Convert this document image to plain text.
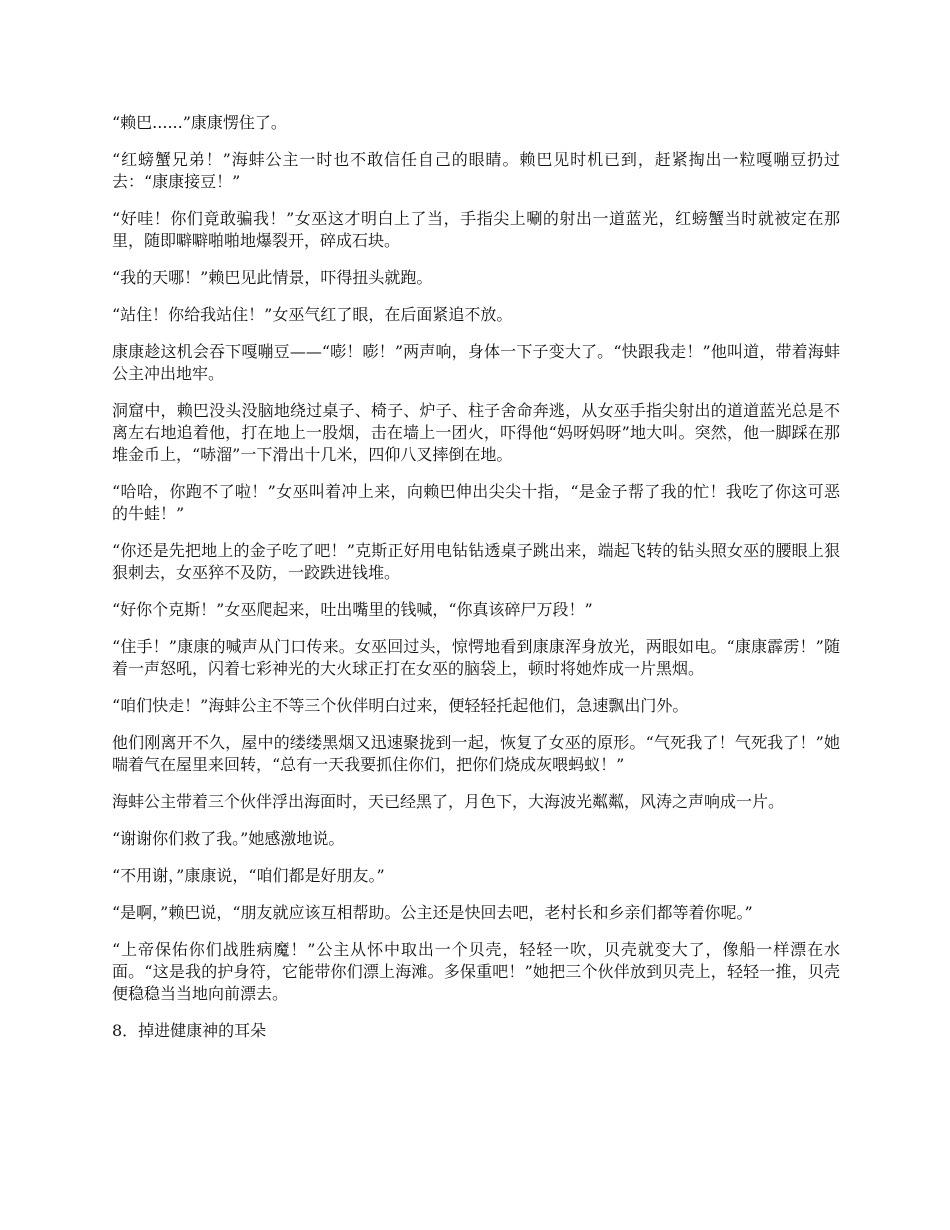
“赖巴......”康康愣住了。

“红螃蟹兄弟！”海蚌公主一时也不敢信任自己的眼睛。赖巴见时机已到，赶紧掏出一粒嘎嘣豆扔过去：“康康接豆！”

“好哇！你们竟敢骗我！”女巫这才明白上了当，手指尖上唰的射出一道蓝光，红螃蟹当时就被定在那里，随即噼噼啪啪地爆裂开，碎成石块。

“我的天哪！”赖巴见此情景，吓得扭头就跑。

“站住！你给我站住！”女巫气红了眼，在后面紧追不放。

康康趁这机会吞下嘎嘣豆——“嘭！嘭！”两声响，身体一下子变大了。“快跟我走！”他叫道，带着海蚌公主冲出地牢。

洞窟中，赖巴没头没脑地绕过桌子、椅子、炉子、柱子舍命奔逃，从女巫手指尖射出的道道蓝光总是不离左右地追着他，打在地上一股烟，击在墙上一团火，吓得他“妈呀妈呀”地大叫。突然，他一脚踩在那堆金币上，“哧溜”一下滑出十几米，四仰八叉摔倒在地。

“哈哈，你跑不了啦！”女巫叫着冲上来，向赖巴伸出尖尖十指，“是金子帮了我的忙！我吃了你这可恶的牛蛙！”

“你还是先把地上的金子吃了吧！”克斯正好用电钻钻透桌子跳出来，端起飞转的钻头照女巫的腰眼上狠狠刺去，女巫猝不及防，一跤跌进钱堆。

“好你个克斯！”女巫爬起来，吐出嘴里的钱喊，“你真该碎尸万段！”

“住手！”康康的喊声从门口传来。女巫回过头，惊愕地看到康康浑身放光，两眼如电。“康康霹雳！”随着一声怒吼，闪着七彩神光的大火球正打在女巫的脑袋上，顿时将她炸成一片黑烟。

“咱们快走！”海蚌公主不等三个伙伴明白过来，便轻轻托起他们，急速飘出门外。

他们刚离开不久，屋中的缕缕黑烟又迅速聚拢到一起，恢复了女巫的原形。“气死我了！气死我了！”她喘着气在屋里来回转，“总有一天我要抓住你们，把你们烧成灰喂蚂蚁！”

海蚌公主带着三个伙伴浮出海面时，天已经黑了，月色下，大海波光粼粼，风涛之声响成一片。

“谢谢你们救了我。”她感激地说。

“不用谢，”康康说，“咱们都是好朋友。”

“是啊，”赖巴说，“朋友就应该互相帮助。公主还是快回去吧，老村长和乡亲们都等着你呢。”

“上帝保佑你们战胜病魔！”公主从怀中取出一个贝壳，轻轻一吹，贝壳就变大了，像船一样漂在水面。“这是我的护身符，它能带你们漂上海滩。多保重吧！”她把三个伙伴放到贝壳上，轻轻一推，贝壳便稳稳当当地向前漂去。

8．掉进健康神的耳朵
